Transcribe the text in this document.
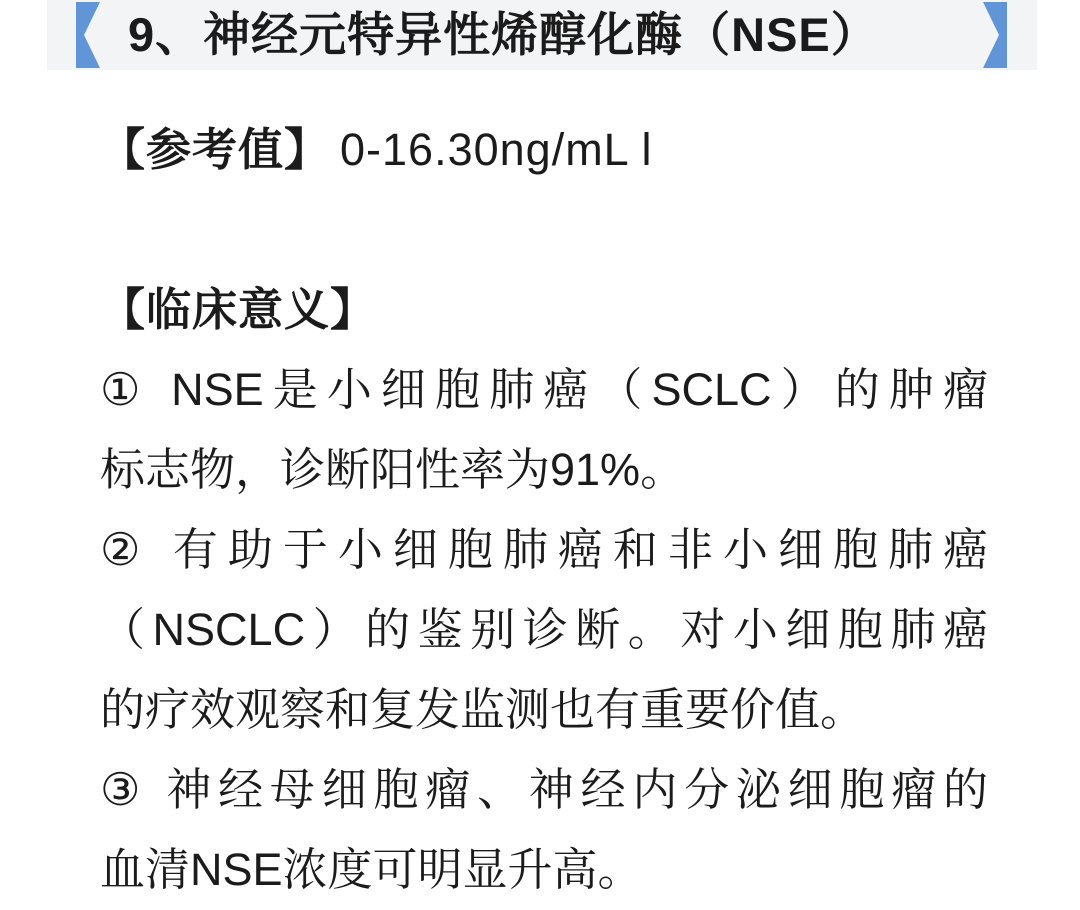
9、神经元特异性烯醇化酶（NSE）
【参考值】 0-16.30ng/mL l
【临床意义】
① NSE是小细胞肺癌（SCLC）的肿瘤
标志物，诊断阳性率为91%。
② 有助于小细胞肺癌和非小细胞肺癌
（NSCLC）的鉴别诊断。对小细胞肺癌
的疗效观察和复发监测也有重要价值。
③ 神经母细胞瘤、神经内分泌细胞瘤的
血清NSE浓度可明显升高。
